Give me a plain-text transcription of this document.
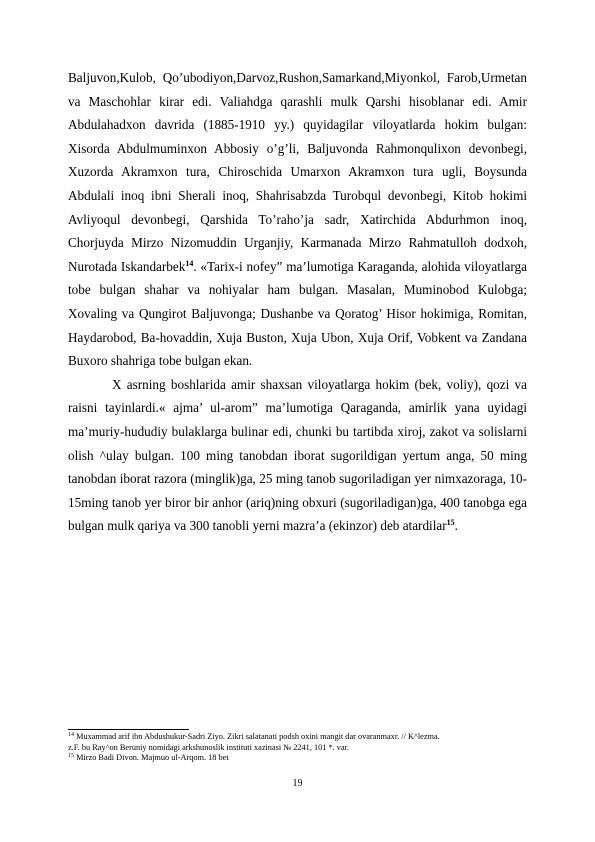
Baljuvon,Kulob, Qo’ubodiyon,Darvoz,Rushon,Samarkand,Miyonkol, Farob,Urmetan va Maschohlar kirar edi. Valiahdga qarashli mulk Qarshi hisoblanar edi. Amir Abdulahadxon davrida (1885-1910 yy.) quyidagilar viloyatlarda hokim bulgan: Xisorda Abdulmuminxon Abbosiy o’g’li, Baljuvonda Rahmonqulixon devonbegi, Xuzorda Akramxon tura, Chiroschida Umarxon Akramxon tura ugli, Boysunda Abdulali inoq ibni Sherali inoq, Shahrisabzda Turobqul devonbegi, Kitob hokimi Avliyoqul devonbegi, Qarshida To’raho’ja sadr, Xatirchida Abdurhmon inoq, Chorjuyda Mirzo Nizomuddin Urganjiy, Karmanada Mirzo Rahmatulloh dodxoh, Nurotada Iskandarbek$^{14}$. «Tarix-i nofey” ma’lumotiga Karaganda, alohida viloyatlarga tobe bulgan shahar va nohiyalar ham bulgan. Masalan, Muminobod Kulobga; Xovaling va Qungirot Baljuvonga; Dushanbe va Qoratog’ Hisor hokimiga, Romitan, Haydarobod, Ba-hovaddin, Xuja Buston, Xuja Ubon, Xuja Orif, Vobkent va Zandana Buxoro shahriga tobe bulgan ekan.

X asrning boshlarida amir shaxsan viloyatlarga hokim (bek, voliy), qozi va raisni tayinlardi.« ajma’ ul-arom” ma’lumotiga Qaraganda, amirlik yana uyidagi ma’muriy-hududiy bulaklarga bulinar edi, chunki bu tartibda xiroj, zakot va solislarni olish ^ulay bulgan. 100 ming tanobdan iborat sugorildigan yertum anga, 50 ming tanobdan iborat razora (minglik)ga, 25 ming tanob sugoriladigan yer nimxazoraga, 10-15ming tanob yer biror bir anhor (ariq)ning obxuri (sugoriladigan)ga, 400 tanobga ega bulgan mulk qariya va 300 tanobli yerni mazra’a (ekinzor) deb atardilar$^{15}$.

$^{14}$ Muxammad arif ibn Abdushukur-Sadri Ziyo. Zikri salatanati podsh oxini mangit dar ovaranmaxr. // K^lezma.

z.F. bu Ray^on Beruniy nomidagi arkshunoslik instituti xazinasi № 2241, 101 *. var.

$^{15}$ Mirzo Badi Divon. Majmuo ul-Arqom. 18 bet

19
